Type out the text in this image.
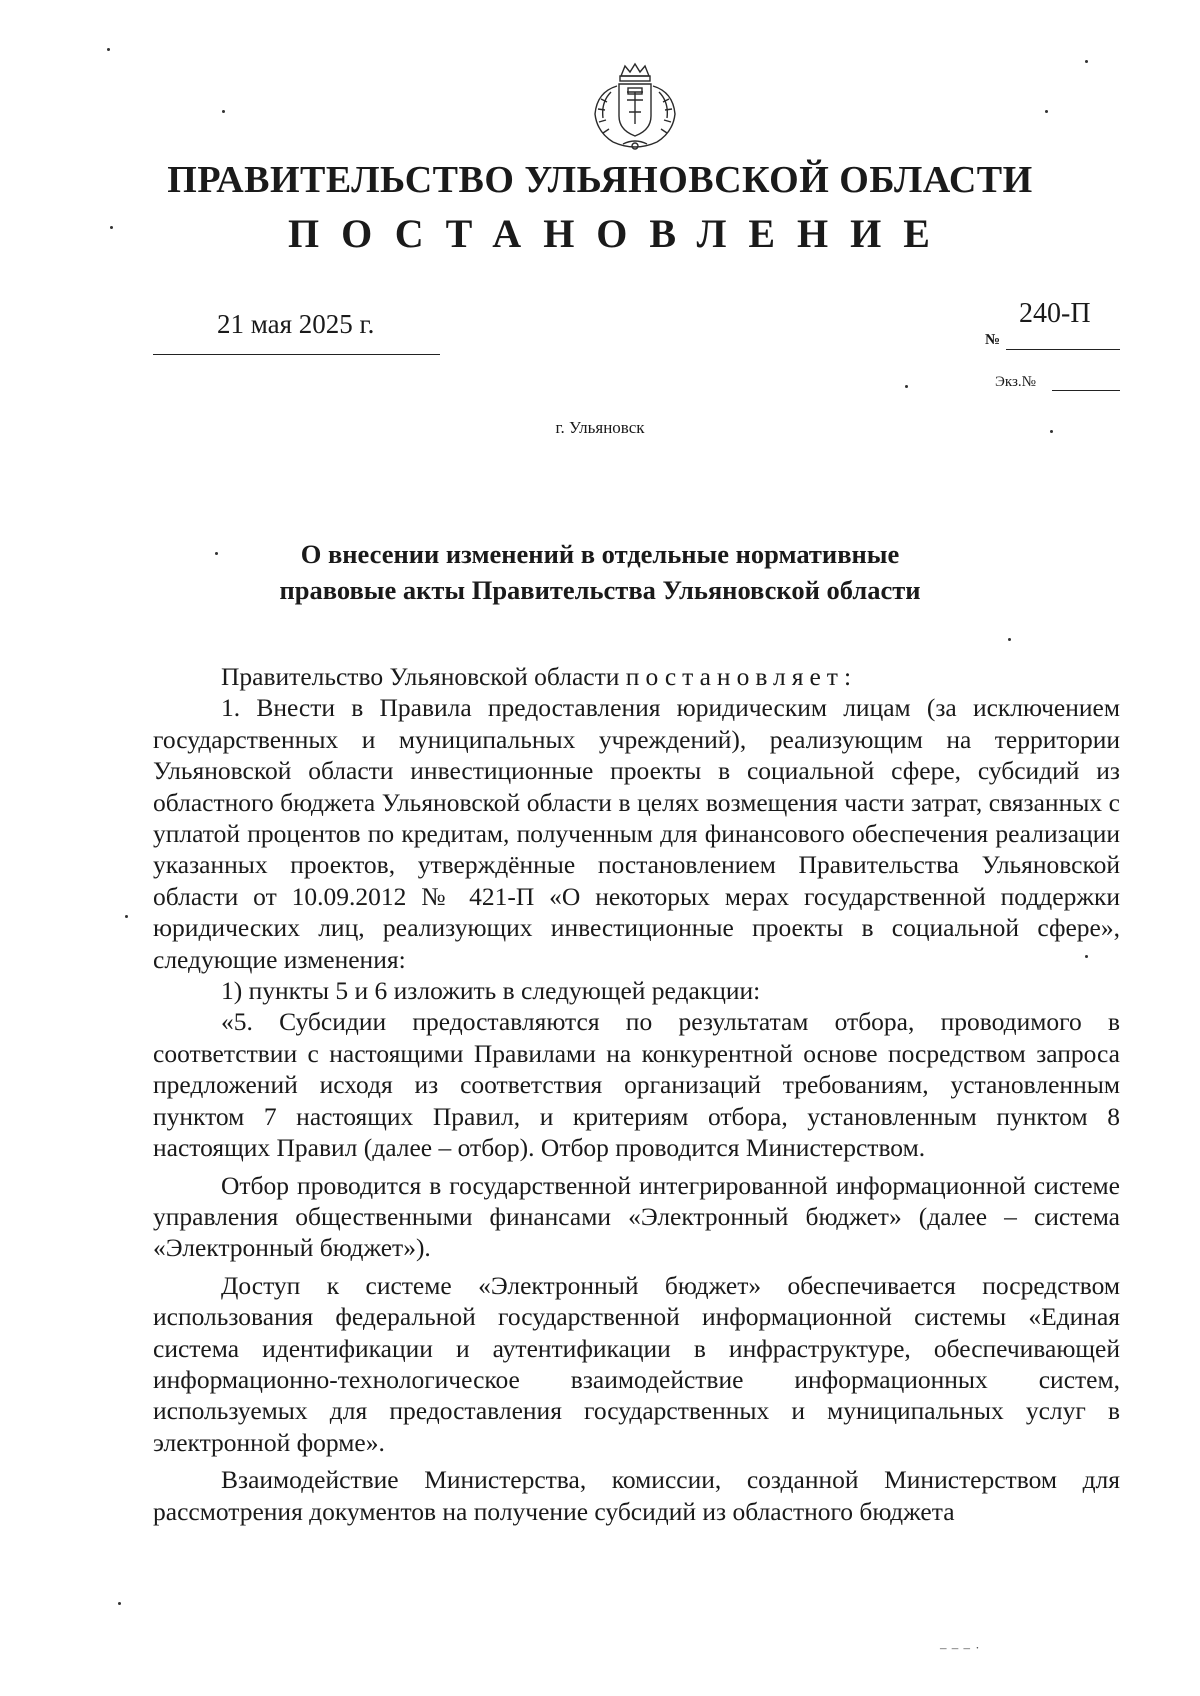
ПРАВИТЕЛЬСТВО УЛЬЯНОВСКОЙ ОБЛАСТИ
ПОСТАНОВЛЕНИЕ
21 мая 2025 г.	240-П
№
Экз.№
г. Ульяновск
О внесении изменений в отдельные нормативные
правовые акты Правительства Ульяновской области

Правительство Ульяновской области постановляет:

1. Внести в Правила предоставления юридическим лицам (за исключением государственных и муниципальных учреждений), реализующим на территории Ульяновской области инвестиционные проекты в социальной сфере, субсидий из областного бюджета Ульяновской области в целях возмещения части затрат, связанных с уплатой процентов по кредитам, полученным для финансового обеспечения реализации указанных проектов, утверждённые постановлением Правительства Ульяновской области от 10.09.2012 № 421-П «О некоторых мерах государственной поддержки юридических лиц, реализующих инвестиционные проекты в социальной сфере», следующие изменения:

1) пункты 5 и 6 изложить в следующей редакции:

«5. Субсидии предоставляются по результатам отбора, проводимого в соответствии с настоящими Правилами на конкурентной основе посредством запроса предложений исходя из соответствия организаций требованиям, установленным пунктом 7 настоящих Правил, и критериям отбора, установленным пунктом 8 настоящих Правил (далее – отбор). Отбор проводится Министерством.

Отбор проводится в государственной интегрированной информационной системе управления общественными финансами «Электронный бюджет» (далее – система «Электронный бюджет»).

Доступ к системе «Электронный бюджет» обеспечивается посредством использования федеральной государственной информационной системы «Единая система идентификации и аутентификации в инфраструктуре, обеспечивающей информационно-технологическое взаимодействие информационных систем, используемых для предоставления государственных и муниципальных услуг в электронной форме».

Взаимодействие Министерства, комиссии, созданной Министерством для рассмотрения документов на получение субсидий из областного бюджета

‒ ‒ ‒ ·
